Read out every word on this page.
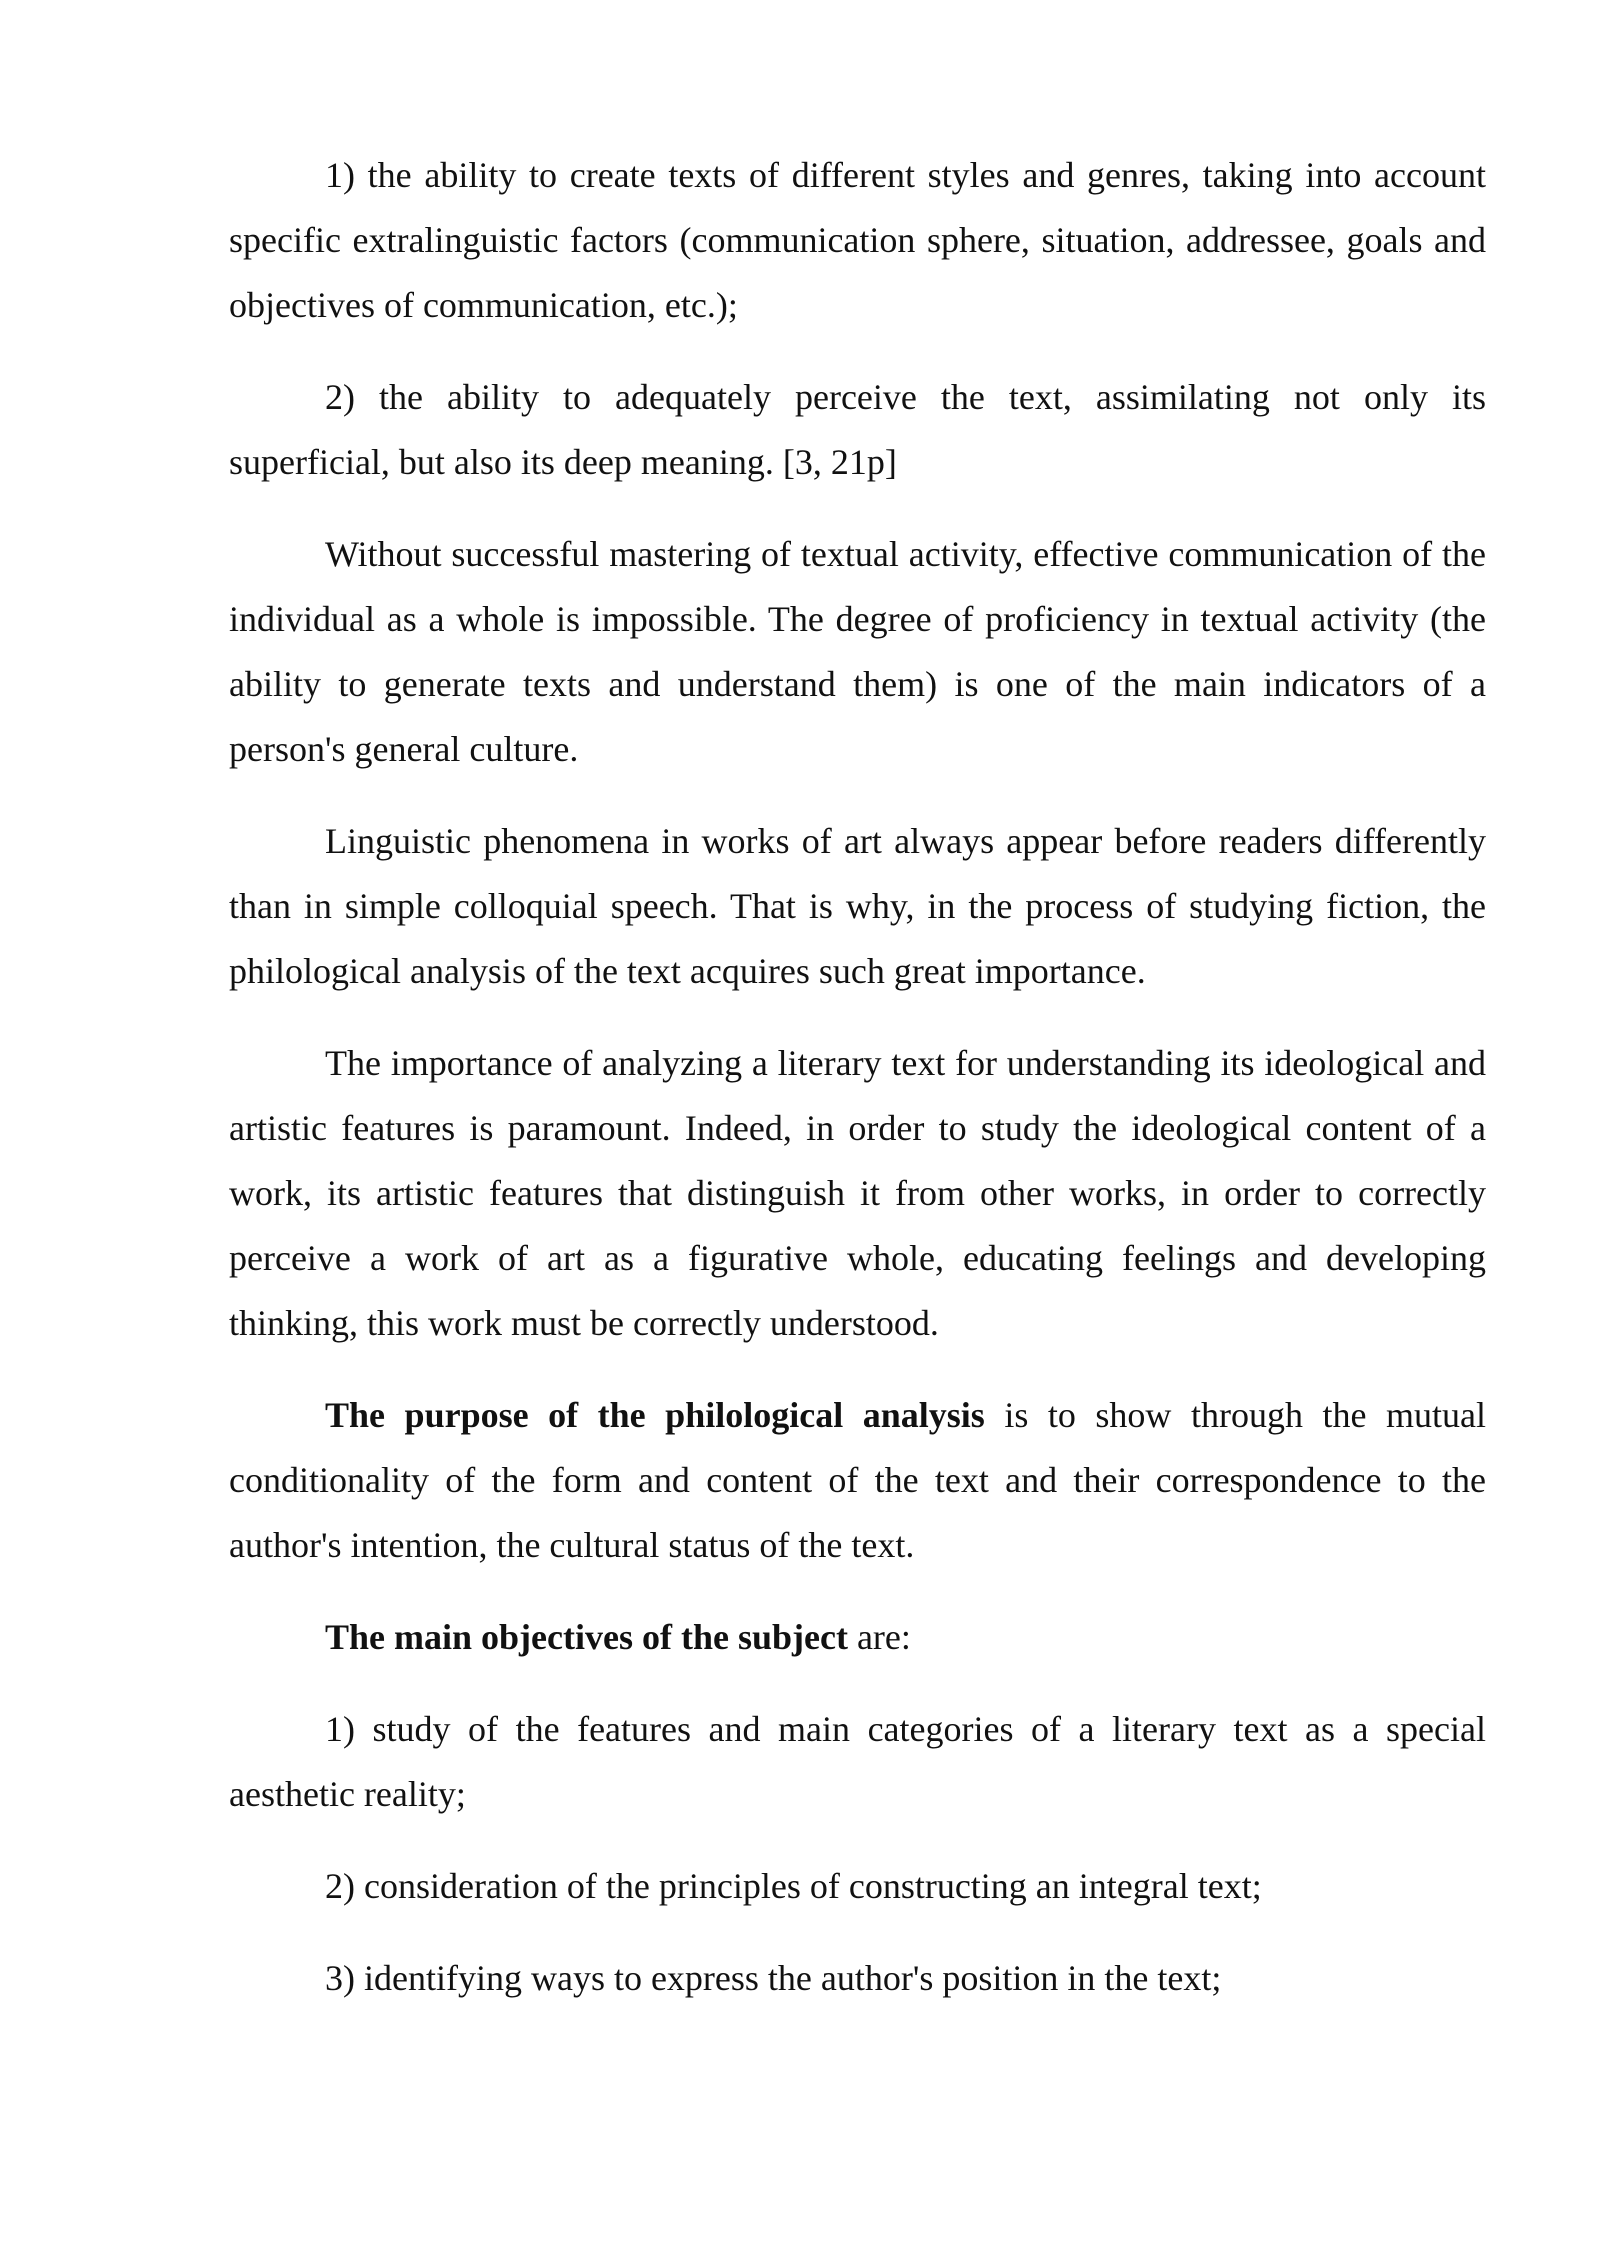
1) the ability to create texts of different styles and genres, taking into account specific extralinguistic factors (communication sphere, situation, addressee, goals and objectives of communication, etc.);

2) the ability to adequately perceive the text, assimilating not only its superficial, but also its deep meaning. [3, 21p]

Without successful mastering of textual activity, effective communication of the individual as a whole is impossible. The degree of proficiency in textual activity (the ability to generate texts and understand them) is one of the main indicators of a person's general culture.

Linguistic phenomena in works of art always appear before readers differently than in simple colloquial speech. That is why, in the process of studying fiction, the philological analysis of the text acquires such great importance.

The importance of analyzing a literary text for understanding its ideological and artistic features is paramount. Indeed, in order to study the ideological content of a work, its artistic features that distinguish it from other works, in order to correctly perceive a work of art as a figurative whole, educating feelings and developing thinking, this work must be correctly understood.

The purpose of the philological analysis is to show through the mutual conditionality of the form and content of the text and their correspondence to the author's intention, the cultural status of the text.

The main objectives of the subject are:

1) study of the features and main categories of a literary text as a special aesthetic reality;

2) consideration of the principles of constructing an integral text;

3) identifying ways to express the author's position in the text;
